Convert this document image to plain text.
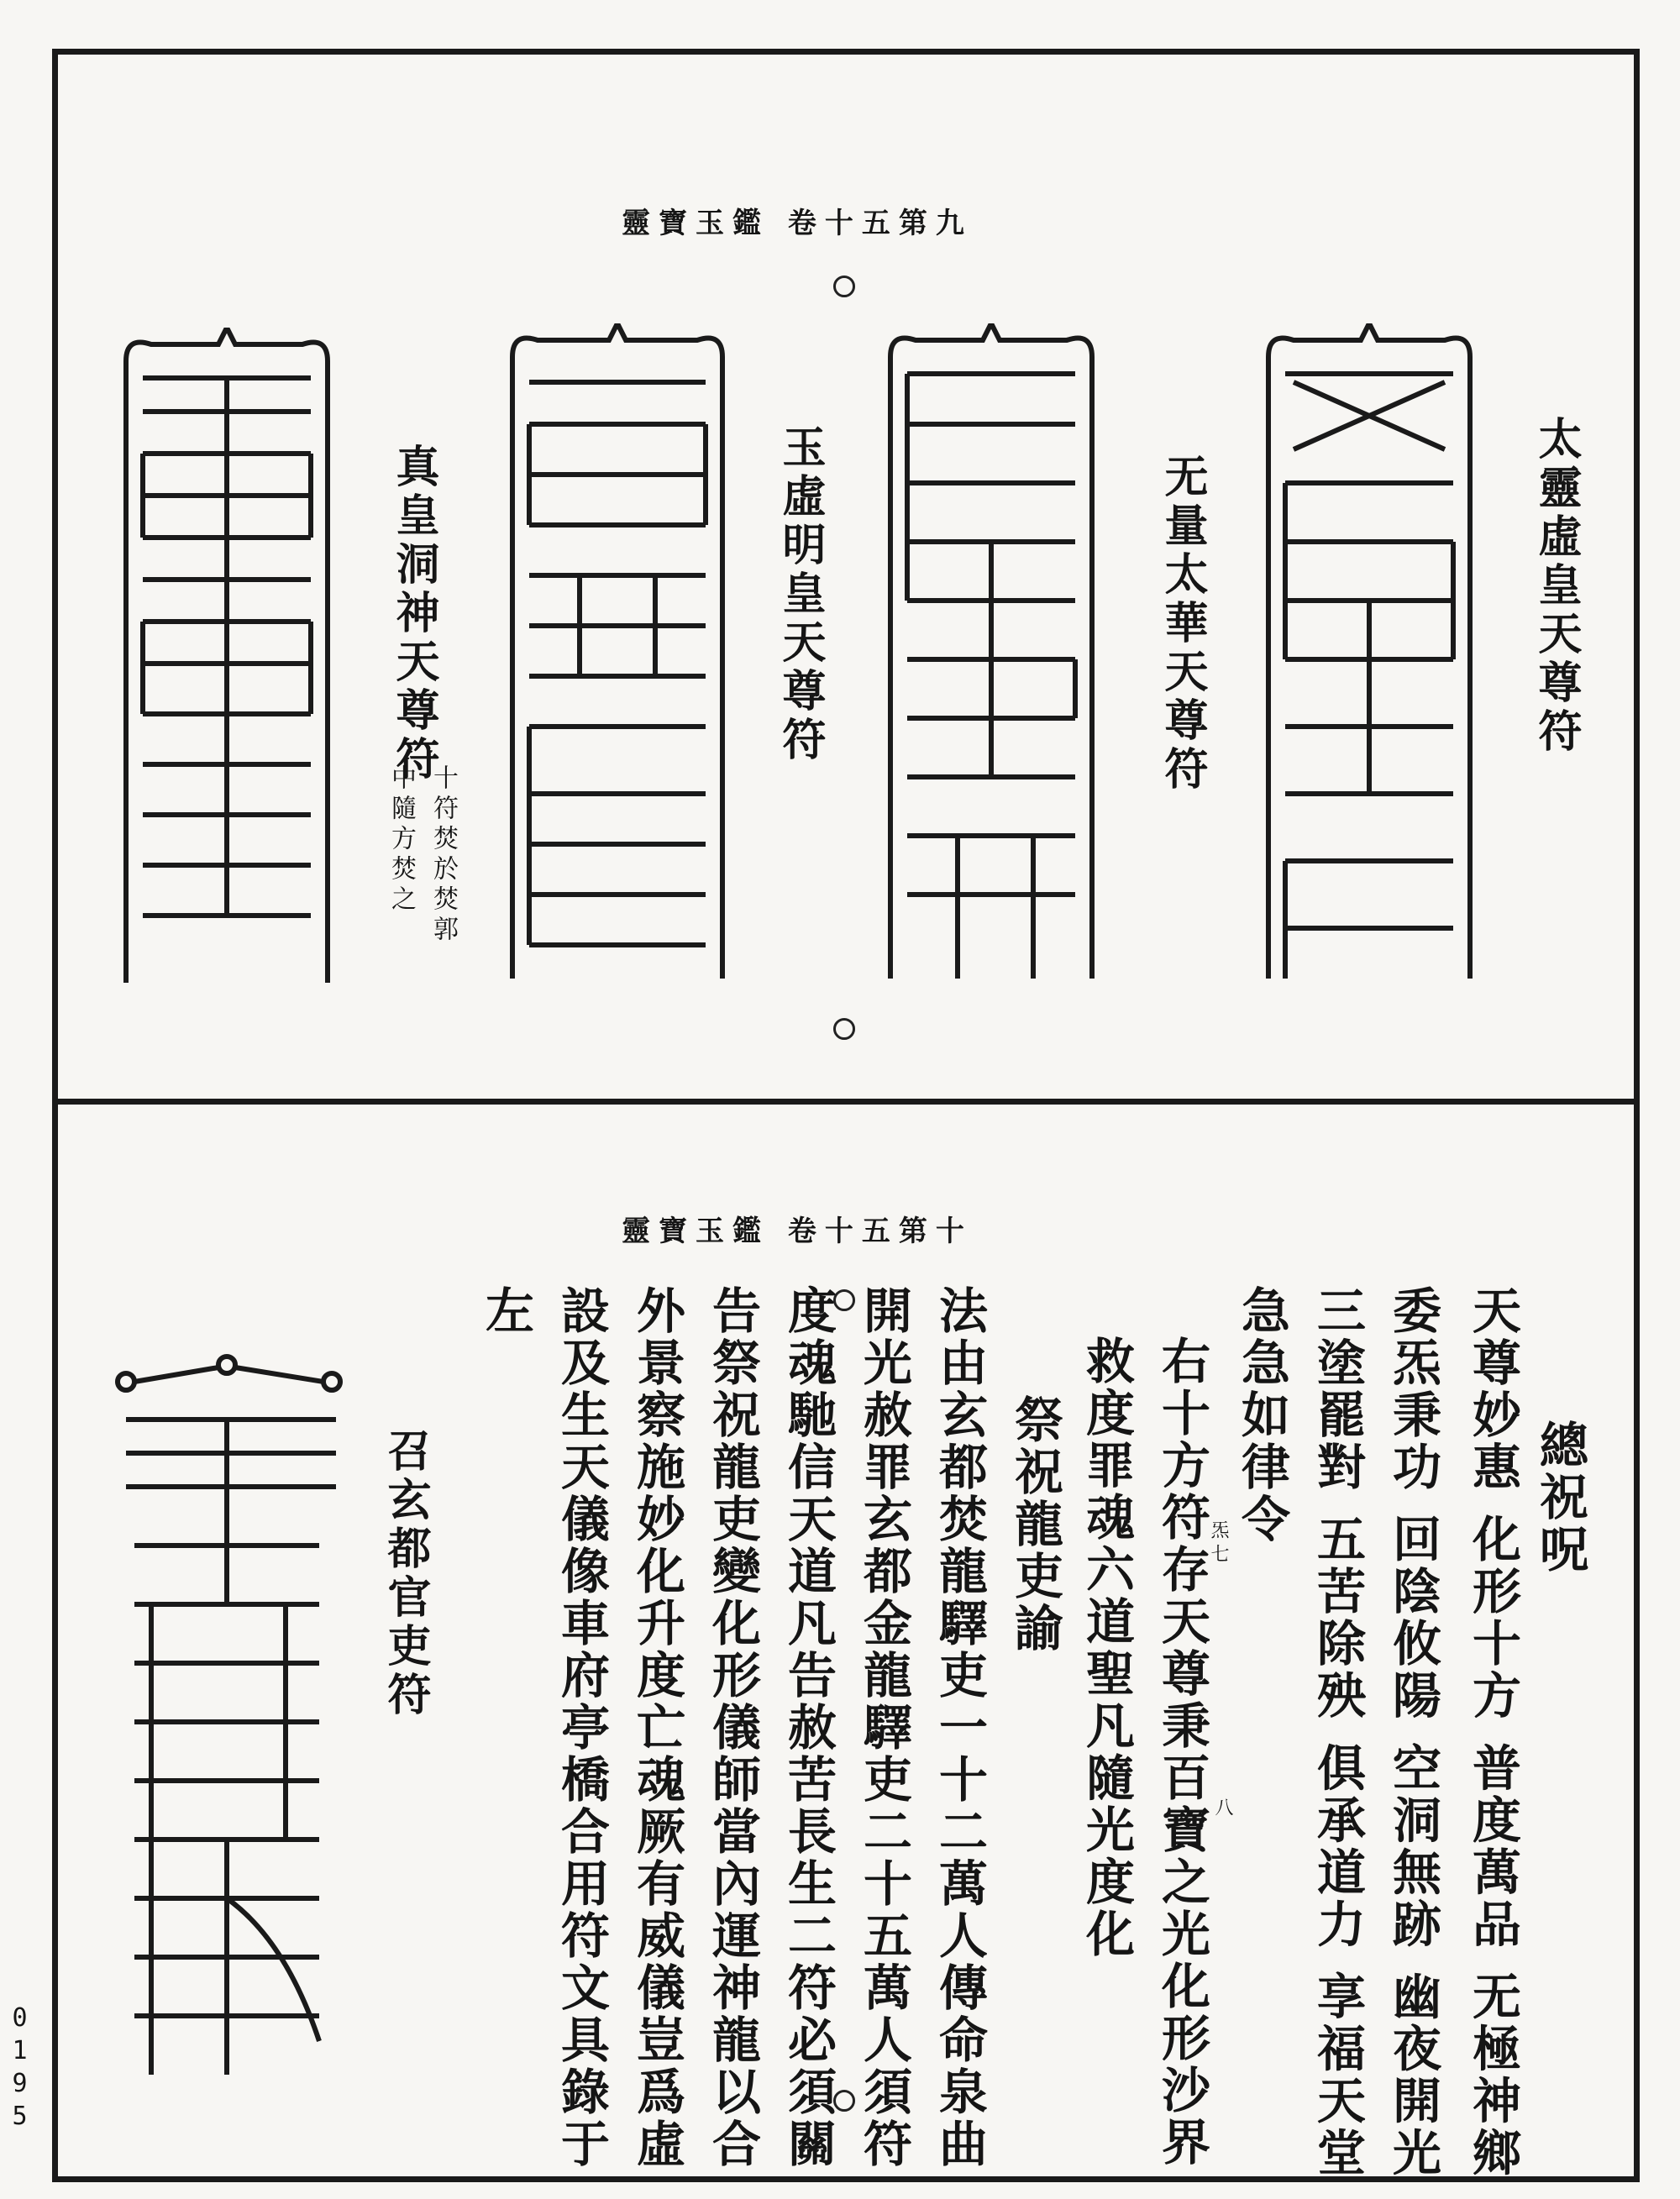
0195
靈寶玉鑑 卷十五第九
太靈虛皇天尊符
无量太華天尊符
玉虛明皇天尊符
真皇洞神天尊符
十符焚於焚郭
中隨方焚之
靈寶玉鑑 卷十五第十
總祝呪
天尊妙惠 化形十方 普度萬品 无極神鄉
委炁秉功 回陰攸陽 空洞無跡 幽夜開光
三塗罷對 五苦除殃 俱承道力 享福天堂
急急如律令
右十方符存天尊秉百寶之光化形沙界
救度罪魂六道聖凡隨光度化
祭祝龍吏諭
法由玄都焚龍驛吏一十二萬人傳命泉曲
開光赦罪玄都金龍驛吏二十五萬人須符
度魂馳信天道凡告赦苦長生二符必須關
告祭祝龍吏變化形儀師當內運神龍以合
外景察施妙化升度亡魂厥有威儀豈爲虛
設及生天儀像車府亭橋合用符文具錄于
左
炁七
八
召玄都官吏符
